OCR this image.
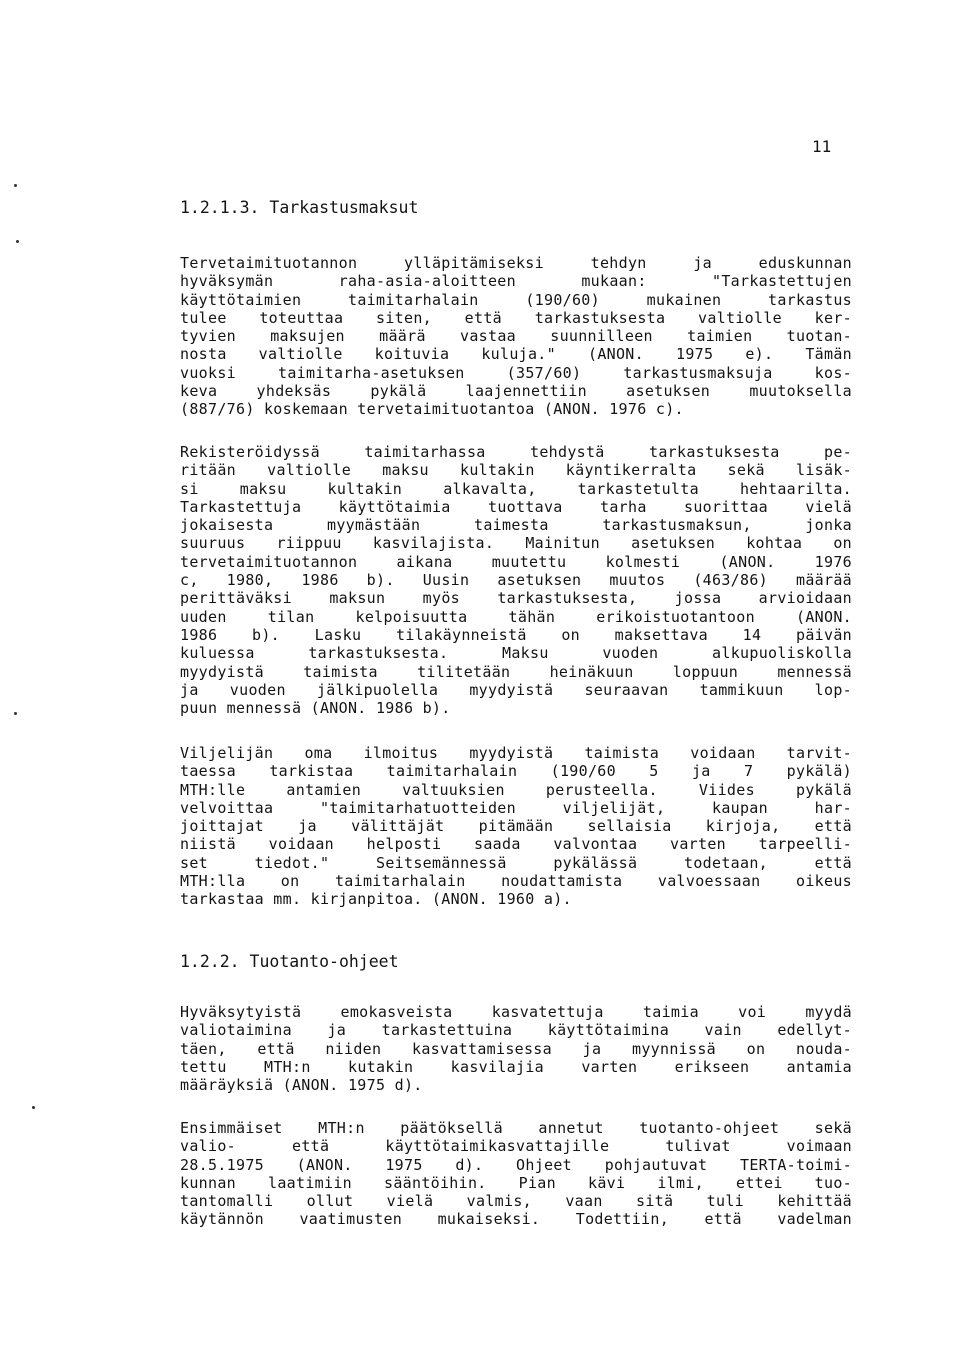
11
1.2.1.3. Tarkastusmaksut
Tervetaimituotannon ylläpitämiseksi tehdyn ja eduskunnan
hyväksymän raha-asia-aloitteen mukaan: "Tarkastettujen
käyttötaimien taimitarhalain (190/60) mukainen tarkastus
tulee toteuttaa siten, että tarkastuksesta valtiolle ker-
tyvien maksujen määrä vastaa suunnilleen taimien tuotan-
nosta valtiolle koituvia kuluja." (ANON. 1975 e). Tämän
vuoksi taimitarha-asetuksen (357/60) tarkastusmaksuja kos-
keva yhdeksäs pykälä laajennettiin asetuksen muutoksella
(887/76) koskemaan tervetaimituotantoa (ANON. 1976 c).
Rekisteröidyssä taimitarhassa tehdystä tarkastuksesta pe-
ritään valtiolle maksu kultakin käyntikerralta sekä lisäk-
si maksu kultakin alkavalta, tarkastetulta hehtaarilta.
Tarkastettuja käyttötaimia tuottava tarha suorittaa vielä
jokaisesta myymästään taimesta tarkastusmaksun, jonka
suuruus riippuu kasvilajista. Mainitun asetuksen kohtaa on
tervetaimituotannon aikana muutettu kolmesti (ANON. 1976
c, 1980, 1986 b). Uusin asetuksen muutos (463/86) määrää
perittäväksi maksun myös tarkastuksesta, jossa arvioidaan
uuden tilan kelpoisuutta tähän erikoistuotantoon (ANON.
1986 b). Lasku tilakäynneistä on maksettava 14 päivän
kuluessa tarkastuksesta. Maksu vuoden alkupuoliskolla
myydyistä taimista tilitetään heinäkuun loppuun mennessä
ja vuoden jälkipuolella myydyistä seuraavan tammikuun lop-
puun mennessä (ANON. 1986 b).
Viljelijän oma ilmoitus myydyistä taimista voidaan tarvit-
taessa tarkistaa taimitarhalain (190/60 5 ja 7 pykälä)
MTH:lle antamien valtuuksien perusteella. Viides pykälä
velvoittaa "taimitarhatuotteiden viljelijät, kaupan har-
joittajat ja välittäjät pitämään sellaisia kirjoja, että
niistä voidaan helposti saada valvontaa varten tarpeelli-
set tiedot." Seitsemännessä pykälässä todetaan, että
MTH:lla on taimitarhalain noudattamista valvoessaan oikeus
tarkastaa mm. kirjanpitoa. (ANON. 1960 a).
1.2.2. Tuotanto-ohjeet
Hyväksytyistä emokasveista kasvatettuja taimia voi myydä
valiotaimina ja tarkastettuina käyttötaimina vain edellyt-
täen, että niiden kasvattamisessa ja myynnissä on nouda-
tettu MTH:n kutakin kasvilajia varten erikseen antamia
määräyksiä (ANON. 1975 d).
Ensimmäiset MTH:n päätöksellä annetut tuotanto-ohjeet sekä
valio- että käyttötaimikasvattajille tulivat voimaan
28.5.1975 (ANON. 1975 d). Ohjeet pohjautuvat TERTA-toimi-
kunnan laatimiin sääntöihin. Pian kävi ilmi, ettei tuo-
tantomalli ollut vielä valmis, vaan sitä tuli kehittää
käytännön vaatimusten mukaiseksi. Todettiin, että vadelman
